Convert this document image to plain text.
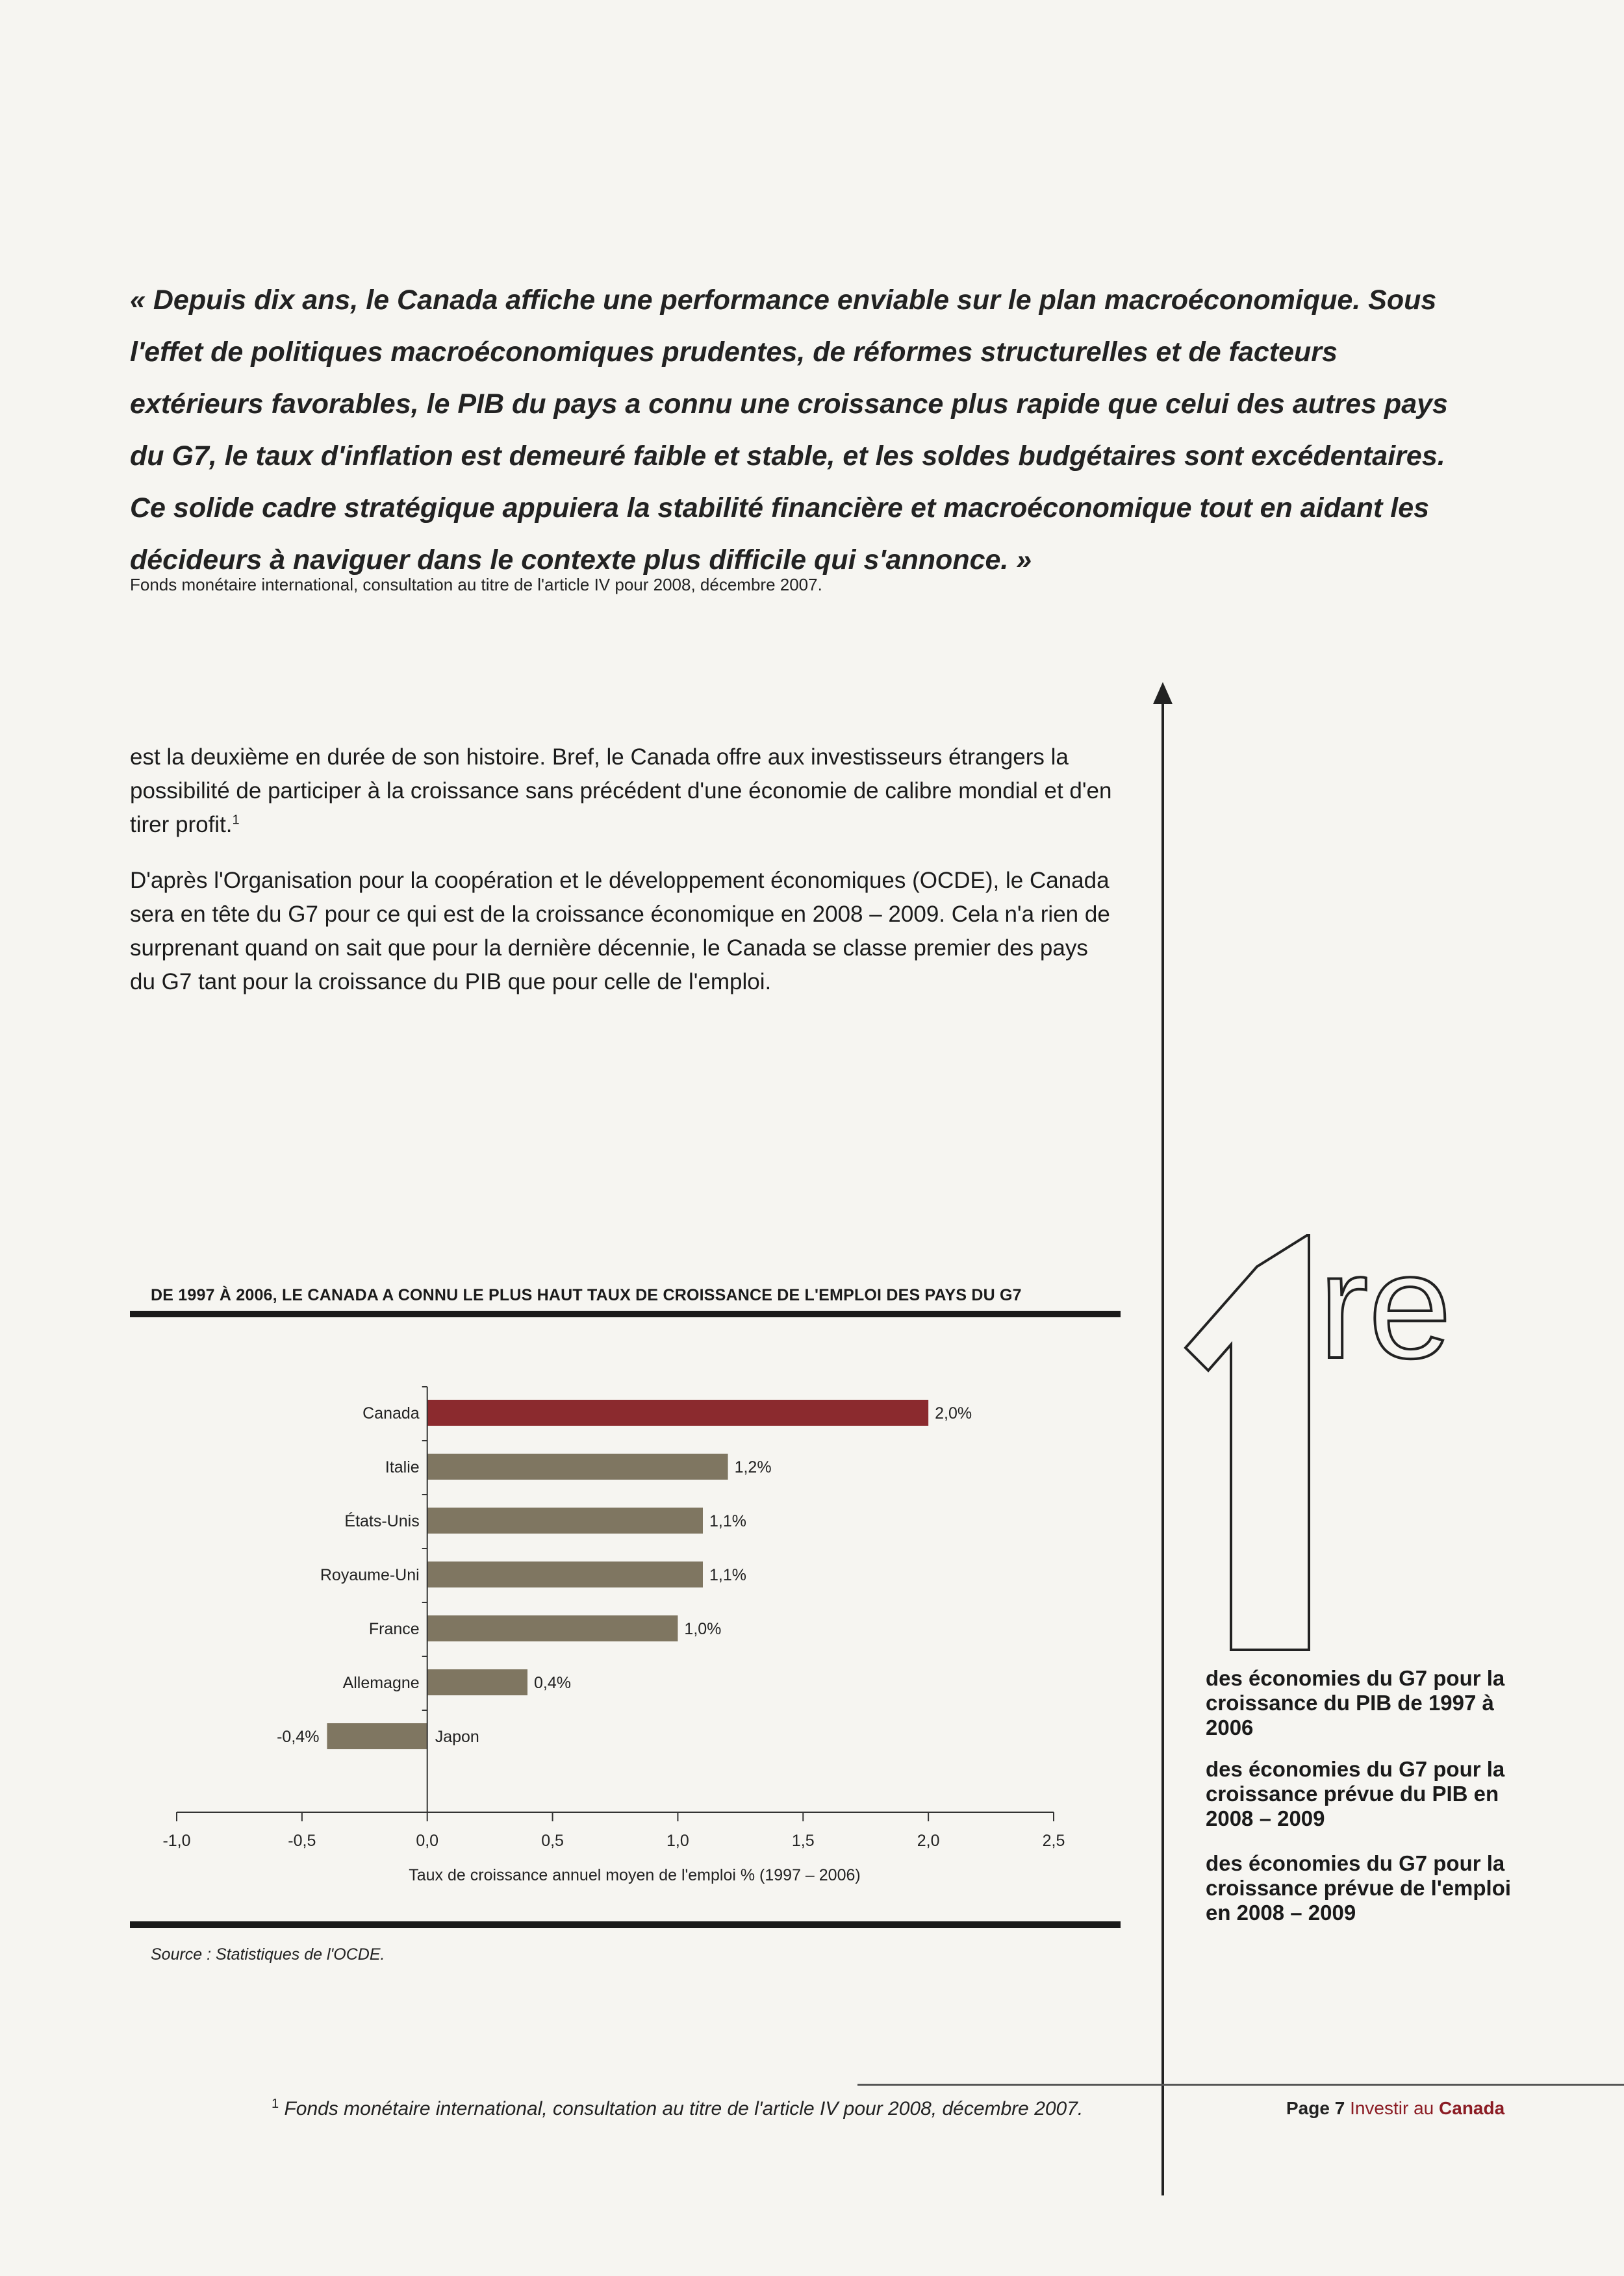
« Depuis dix ans, le Canada affiche une performance enviable sur le plan macroéconomique. Sous l'effet de politiques macroéconomiques prudentes, de réformes structurelles et de facteurs extérieurs favorables, le PIB du pays a connu une croissance plus rapide que celui des autres pays du G7, le taux d'inflation est demeuré faible et stable, et les soldes budgétaires sont excédentaires. Ce solide cadre stratégique appuiera la stabilité financière et macroéconomique tout en aidant les décideurs à naviguer dans le contexte plus difficile qui s'annonce. »

Fonds monétaire international, consultation au titre de l'article IV pour 2008, décembre 2007.

est la deuxième en durée de son histoire. Bref, le Canada offre aux investisseurs étrangers la possibilité de participer à la croissance sans précédent d'une économie de calibre mondial et d'en tirer profit.$^1$

D'après l'Organisation pour la coopération et le développement économiques (OCDE), le Canada sera en tête du G7 pour ce qui est de la croissance économique en 2008 – 2009. Cela n'a rien de surprenant quand on sait que pour la dernière décennie, le Canada se classe premier des pays du G7 tant pour la croissance du PIB que pour celle de l'emploi.

DE 1997 À 2006, LE CANADA A CONNU LE PLUS HAUT TAUX DE CROISSANCE DE L'EMPLOI DES PAYS DU G7
Canada	2,0%
Italie	1,2%
États-Unis	1,1%
Royaume-Uni	1,1%
France	1,0%
Allemagne	0,4%
Japon
-0,4%
-1,0	-0,5	0,0	0,5	1,0	1,5	2,0	2,5
Taux de croissance annuel moyen de l'emploi % (1997 – 2006)
Source : Statistiques de l'OCDE.
re

des économies du G7 pour la croissance du PIB de 1997 à 2006

des économies du G7 pour la croissance prévue du PIB en 2008 – 2009

des économies du G7 pour la croissance prévue de l'emploi en 2008 – 2009

$^1$ Fonds monétaire international, consultation au titre de l'article IV pour 2008, décembre 2007.	Page 7 Investir au Canada
